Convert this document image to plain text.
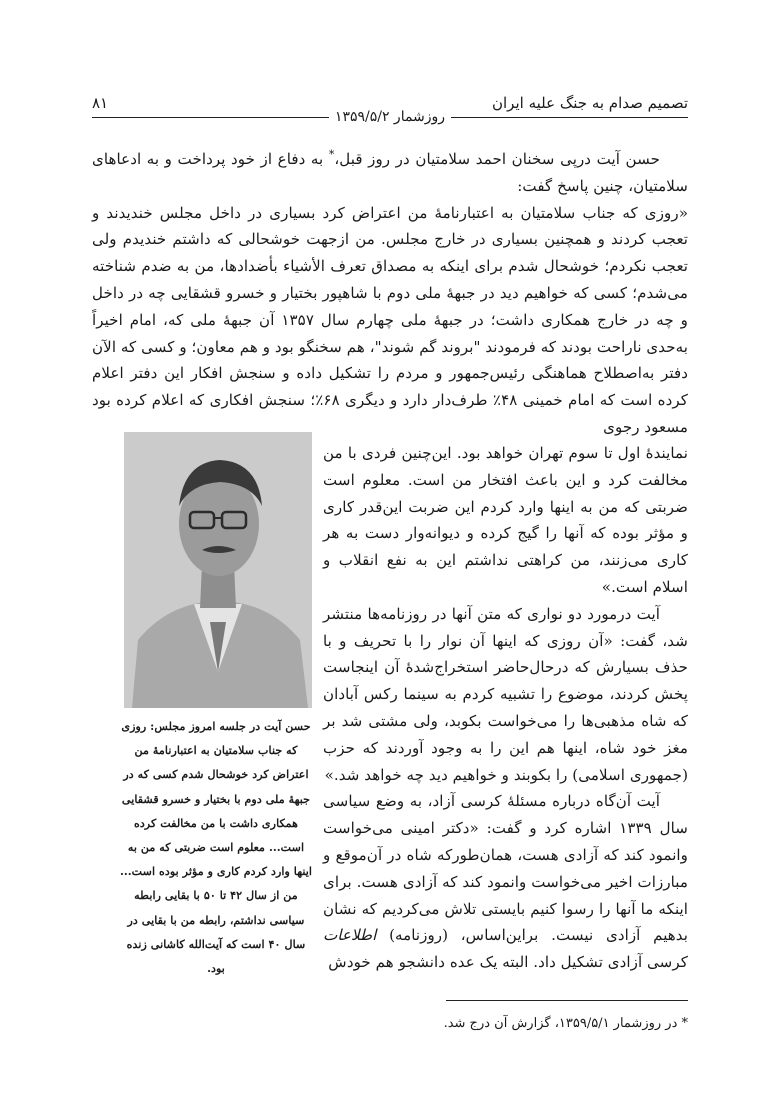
۸۱	تصمیم صدام به جنگ علیه ایران
روزشمار ۱۳۵۹/۵/۲

حسن آیت درپی سخنان احمد سلامتیان در روز قبل،* به دفاع از خود پرداخت و به ادعاهای سلامتیان، چنین پاسخ گفت:

«روزی که جناب سلامتیان به اعتبارنامهٔ من اعتراض کرد بسیاری در داخل مجلس خندیدند و تعجب کردند و همچنین بسیاری در خارج مجلس. من ازجهت خوشحالی که داشتم خندیدم ولی تعجب نکردم؛ خوشحال شدم برای اینکه به مصداق تعرف الأشیاء بأضدادها، من به ضدم شناخته می‌شدم؛ کسی که خواهیم دید در جبههٔ ملی دوم با شاهپور بختیار و خسرو قشقایی چه در داخل و چه در خارج همکاری داشت؛ در جبههٔ ملی چهارم سال ۱۳۵۷ آن جبههٔ ملی که، امام اخیراً به‌حدی ناراحت بودند که فرمودند "بروند گم شوند"، هم سخنگو بود و هم معاون؛ و کسی که الآن دفتر به‌اصطلاح هماهنگی رئیس‌جمهور و مردم را تشکیل داده و سنجش افکار این دفتر اعلام کرده است که امام خمینی ۴۸٪ طرف‌دار دارد و دیگری ۶۸٪؛ سنجش افکاری که اعلام کرده بود مسعود رجوی

حسن آیت در جلسه امروز مجلس: روزی که جناب سلامتیان به اعتبارنامهٔ من اعتراض کرد خوشحال شدم کسی که در جبههٔ ملی دوم با بختیار و خسرو قشقایی همکاری داشت با من مخالفت کرده است... معلوم است ضربتی که من به اینها وارد کردم کاری و مؤثر بوده است... من از سال ۴۲ تا ۵۰ با بقایی رابطه سیاسی نداشتم، رابطه من با بقایی در سال ۴۰ است که آیت‌الله کاشانی زنده بود.

نمایندهٔ اول تا سوم تهران خواهد بود. این‌چنین فردی با من مخالفت کرد و این باعث افتخار من است. معلوم است ضربتی که من به اینها وارد کردم این ضربت این‌قدر کاری و مؤثر بوده که آنها را گیج کرده و دیوانه‌وار دست به هر کاری می‌زنند، من کراهتی نداشتم این به نفع انقلاب و اسلام است.»

آیت درمورد دو نواری که متن آنها در روزنامه‌ها منتشر شد، گفت: «آن روزی که اینها آن نوار را با تحریف و با حذف بسیارش که درحال‌حاضر استخراج‌شدهٔ آن اینجاست پخش کردند، موضوع را تشبیه کردم به سینما رکس آبادان که شاه مذهبی‌ها را می‌خواست بکوبد، ولی مشتی شد بر مغز خود شاه، اینها هم این را به وجود آوردند که حزب (جمهوری اسلامی) را بکوبند و خواهیم دید چه خواهد شد.»

آیت آن‌گاه درباره مسئلهٔ کرسی آزاد، به وضع سیاسی سال ۱۳۳۹ اشاره کرد و گفت: «دکتر امینی می‌خواست وانمود کند که آزادی هست، همان‌طورکه شاه در آن‌موقع و مبارزات اخیر می‌خواست وانمود کند که آزادی هست. برای اینکه ما آنها را رسوا کنیم بایستی تلاش می‌کردیم که نشان بدهیم آزادی نیست. براین‌اساس، (روزنامه) اطلاعات کرسی آزادی تشکیل داد. البته یک عده دانشجو هم خودش

* در روزشمار ۱۳۵۹/۵/۱، گزارش آن درج شد.
